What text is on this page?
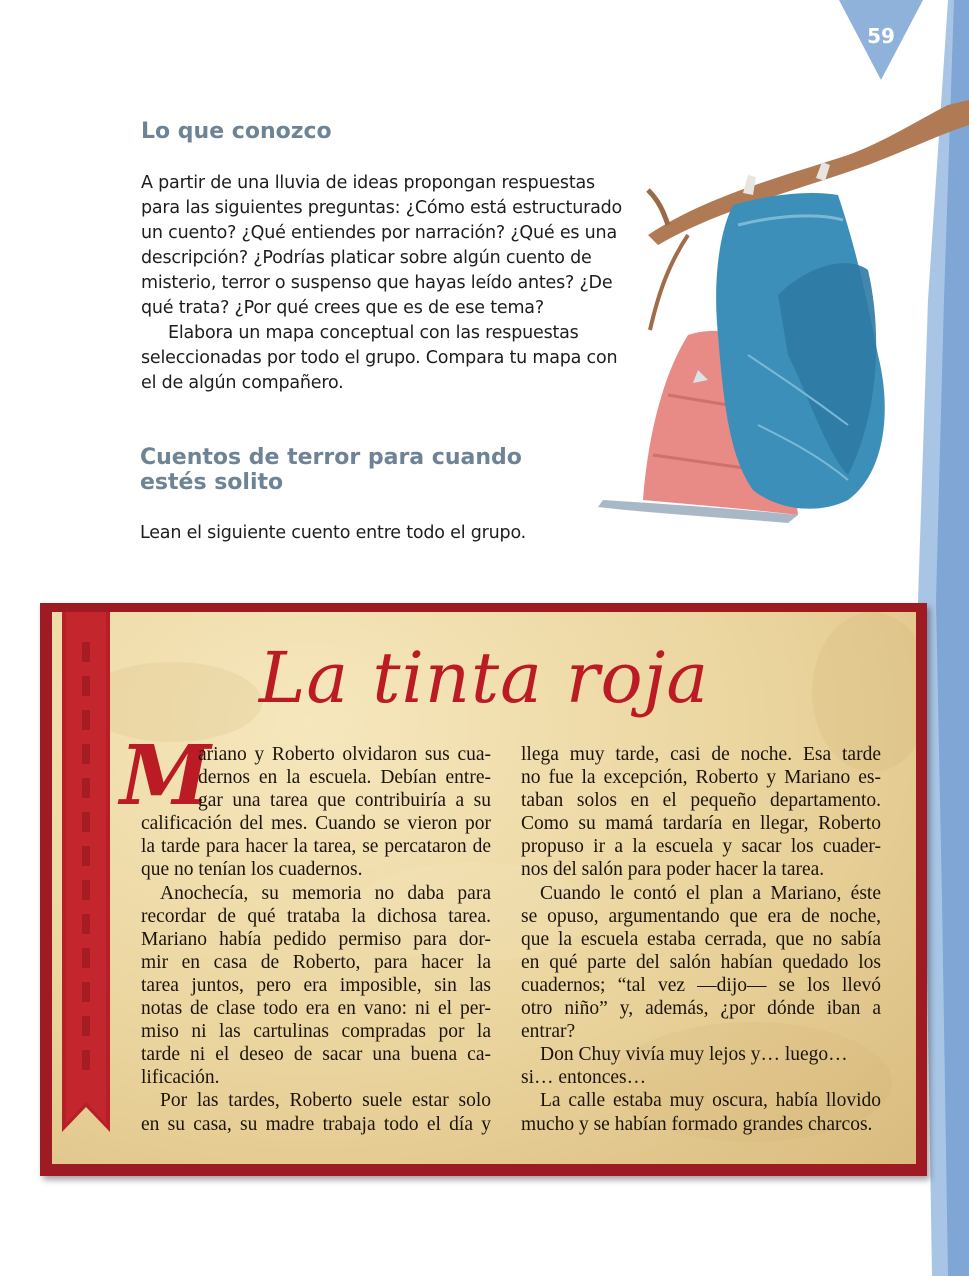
59
Lo que conozco
A partir de una lluvia de ideas propongan respuestas
para las siguientes preguntas: ¿Cómo está estructurado
un cuento? ¿Qué entiendes por narración? ¿Qué es una
descripción? ¿Podrías platicar sobre algún cuento de
misterio, terror o suspenso que hayas leído antes? ¿De
qué trata? ¿Por qué crees que es de ese tema?
Elabora un mapa conceptual con las respuestas
seleccionadas por todo el grupo. Compara tu mapa con
el de algún compañero.
Cuentos de terror para cuando estés solito
Lean el siguiente cuento entre todo el grupo.
La tinta roja
M
ariano y Roberto olvidaron sus cua-
dernos en la escuela. Debían entre-
gar una tarea que contribuiría a su
calificación del mes. Cuando se vieron por
la tarde para hacer la tarea, se percataron de
que no tenían los cuadernos.
Anochecía, su memoria no daba para
recordar de qué trataba la dichosa tarea.
Mariano había pedido permiso para dor-
mir en casa de Roberto, para hacer la
tarea juntos, pero era imposible, sin las
notas de clase todo era en vano: ni el per-
miso ni las cartulinas compradas por la
tarde ni el deseo de sacar una buena ca-
lificación.
Por las tardes, Roberto suele estar solo
en su casa, su madre trabaja todo el día y
llega muy tarde, casi de noche. Esa tarde
no fue la excepción, Roberto y Mariano es-
taban solos en el pequeño departamento.
Como su mamá tardaría en llegar, Roberto
propuso ir a la escuela y sacar los cuader-
nos del salón para poder hacer la tarea.
Cuando le contó el plan a Mariano, éste
se opuso, argumentando que era de noche,
que la escuela estaba cerrada, que no sabía
en qué parte del salón habían quedado los
cuadernos; “tal vez —dijo— se los llevó
otro niño” y, además, ¿por dónde iban a
entrar?
Don Chuy vivía muy lejos y… luego…
si… entonces…
La calle estaba muy oscura, había llovido
mucho y se habían formado grandes charcos.
